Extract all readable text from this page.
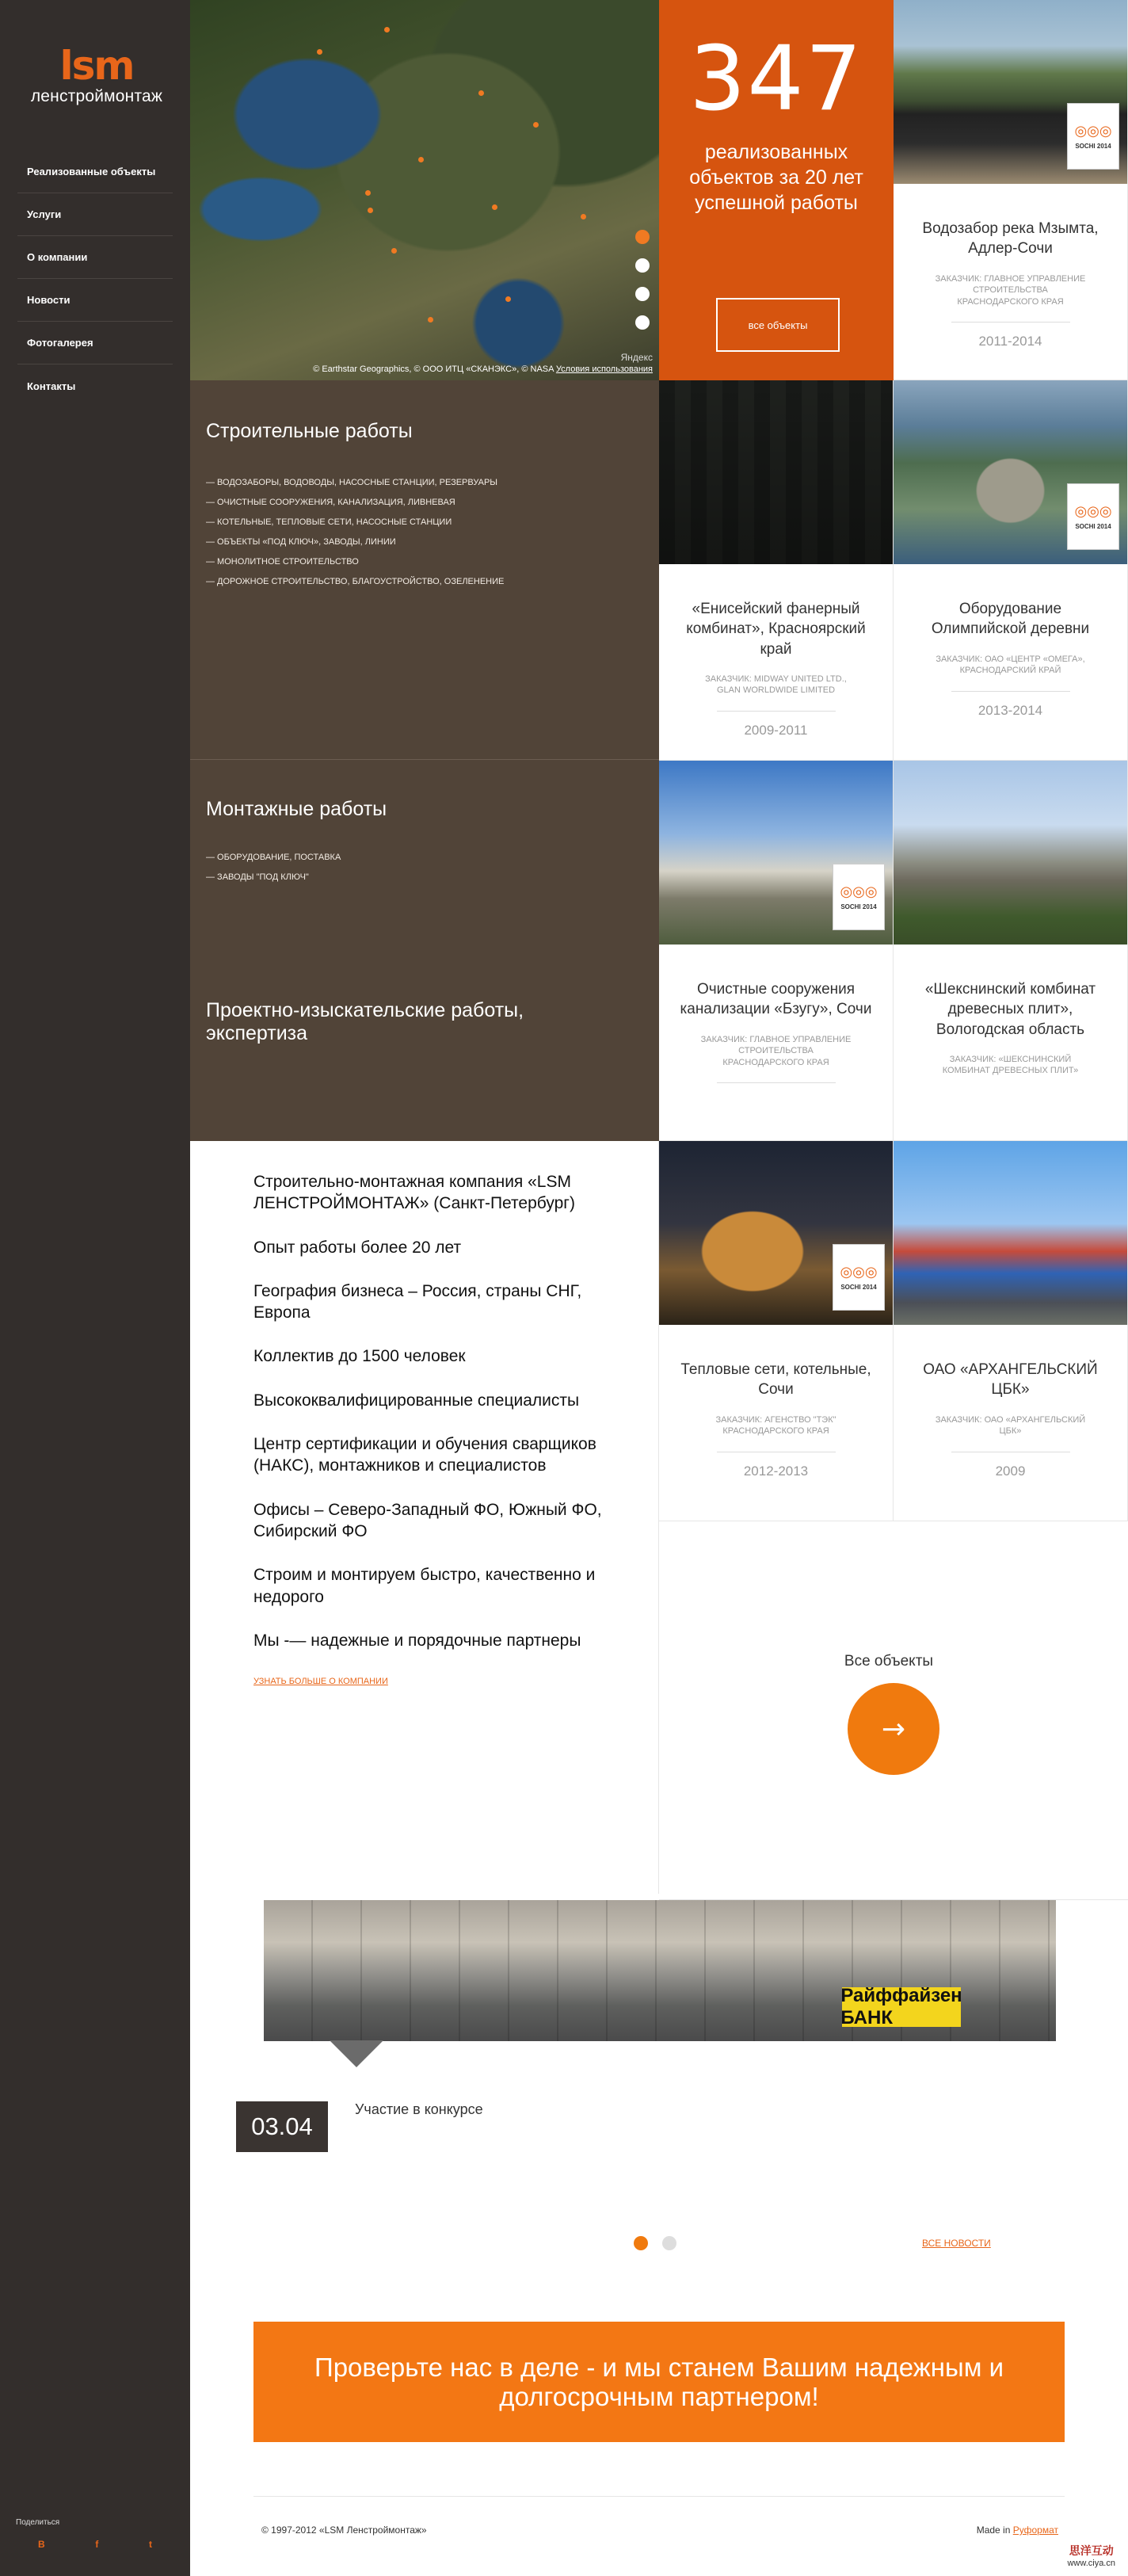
lsm
ленстроймонтаж
Реализованные объекты
Услуги
О компании
Новости
Фотогалерея
Контакты
Поделиться
B	f	t
Яндекс
© Earthstar Geographics, © ООО ИТЦ «СКАНЭКС», © NASA Условия использования
347
реализованных объектов за 20 лет успешной работы
все объекты
◎◎◎
SOCHI 2014
Водозабор река Мзымта, Адлер-Сочи
ЗАКАЗЧИК: ГЛАВНОЕ УПРАВЛЕНИЕ СТРОИТЕЛЬСТВА КРАСНОДАРСКОГО КРАЯ
2011-2014
«Енисейский фанерный комбинат», Красноярский край
ЗАКАЗЧИК: MIDWAY UNITED LTD., GLAN WORLDWIDE LIMITED
2009-2011
◎◎◎
SOCHI 2014
Оборудование Олимпийской деревни
ЗАКАЗЧИК: ОАО «ЦЕНТР «ОМЕГА», КРАСНОДАРСКИЙ КРАЙ
2013-2014
◎◎◎
SOCHI 2014
Очистные сооружения канализации «Бзугу», Сочи
ЗАКАЗЧИК: ГЛАВНОЕ УПРАВЛЕНИЕ СТРОИТЕЛЬСТВА КРАСНОДАРСКОГО КРАЯ
«Шекснинский комбинат древесных плит», Вологодская область
ЗАКАЗЧИК: «ШЕКСНИНСКИЙ КОМБИНАТ ДРЕВЕСНЫХ ПЛИТ»
◎◎◎
SOCHI 2014
Тепловые сети, котельные, Сочи
ЗАКАЗЧИК: АГЕНСТВО "ТЭК" КРАСНОДАРСКОГО КРАЯ
2012-2013
ОАО «АРХАНГЕЛЬСКИЙ ЦБК»
ЗАКАЗЧИК: ОАО «АРХАНГЕЛЬСКИЙ ЦБК»
2009
Строительные работы
— ВОДОЗАБОРЫ, ВОДОВОДЫ, НАСОСНЫЕ СТАНЦИИ, РЕЗЕРВУАРЫ
— ОЧИСТНЫЕ СООРУЖЕНИЯ, КАНАЛИЗАЦИЯ, ЛИВНЕВАЯ
— КОТЕЛЬНЫЕ, ТЕПЛОВЫЕ СЕТИ, НАСОСНЫЕ СТАНЦИИ
— ОБЪЕКТЫ «ПОД КЛЮЧ», ЗАВОДЫ, ЛИНИИ
— МОНОЛИТНОЕ СТРОИТЕЛЬСТВО
— ДОРОЖНОЕ СТРОИТЕЛЬСТВО, БЛАГОУСТРОЙСТВО, ОЗЕЛЕНЕНИЕ
Монтажные работы
— ОБОРУДОВАНИЕ, ПОСТАВКА
— ЗАВОДЫ "ПОД КЛЮЧ"
Проектно-изыскательские работы, экспертиза

Строительно-монтажная компания «LSM ЛЕНСТРОЙМОНТАЖ» (Санкт-Петербург)

Опыт работы более 20 лет

География бизнеса – Россия, страны СНГ, Европа

Коллектив до 1500 человек

Высококвалифицированные специалисты

Центр сертификации и обучения сварщиков (НАКС), монтажников и специалистов

Офисы – Северо-Западный ФО, Южный ФО, Сибирский ФО

Строим и монтируем быстро, качественно и недорого

Мы -— надежные и порядочные партнеры

УЗНАТЬ БОЛЬШЕ О КОМПАНИИ
Все объекты
→
Райффайзен БАНК
03.04
Участие в конкурсе
ВСЕ НОВОСТИ
Проверьте нас в деле - и мы станем Вашим надежным и долгосрочным партнером!
© 1997-2012 «LSM Ленстроймонтаж»	Made in Руформат
思洋互动
www.ciya.cn
